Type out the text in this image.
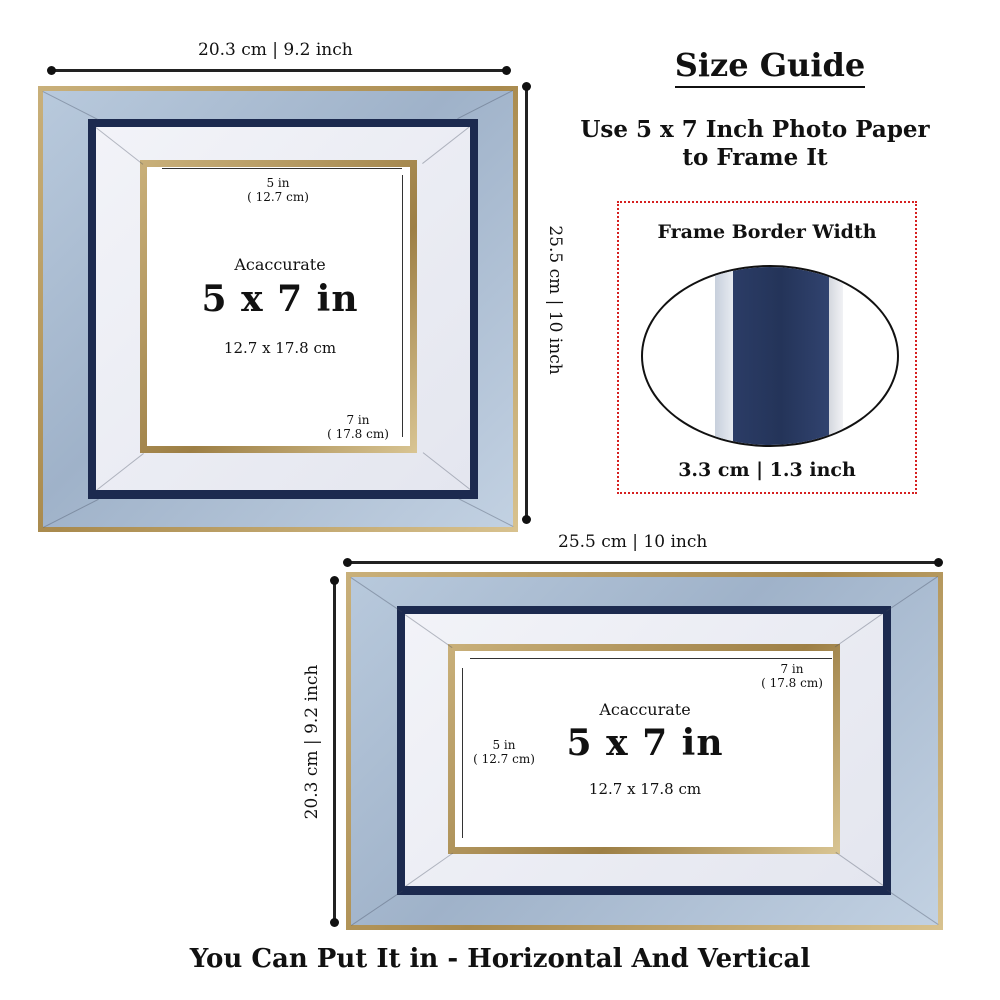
20.3 cm | 9.2 inch
25.5 cm | 10 inch
5 in
( 12.7 cm)
7 in
( 17.8 cm)
Acaccurate
5 x 7 in
12.7 x 17.8 cm
Size Guide
Use 5 x 7 Inch Photo Paper
to Frame It
Frame Border Width
3.3 cm | 1.3 inch
25.5 cm | 10 inch
20.3 cm | 9.2 inch	7 in
( 17.8 cm)
5 in
( 12.7 cm)
Acaccurate
5 x 7 in
12.7 x 17.8 cm
You Can Put It in - Horizontal And Vertical
